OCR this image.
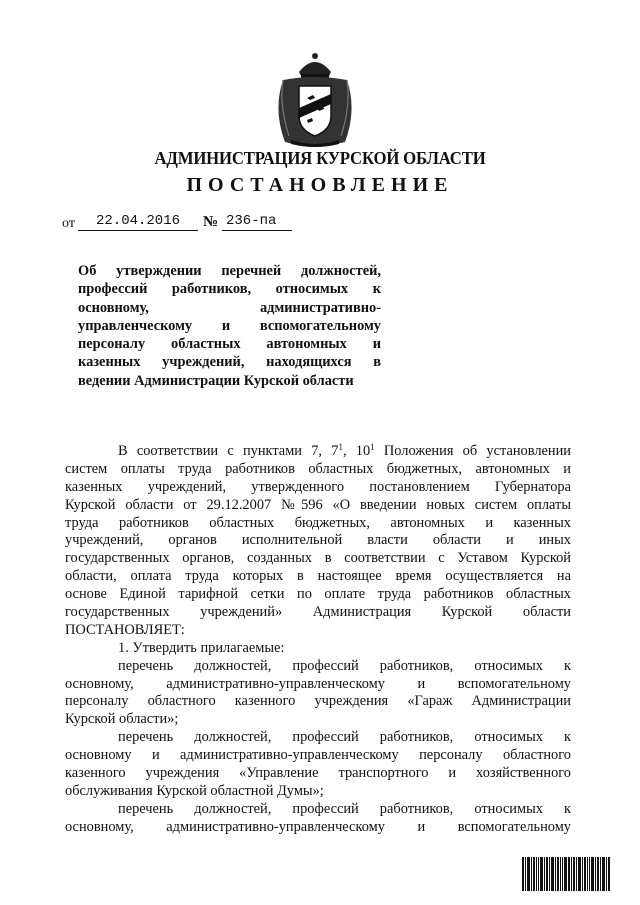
АДМИНИСТРАЦИЯ КУРСКОЙ ОБЛАСТИ
ПОСТАНОВЛЕНИЕ
от	22.04.2016	№ 236-па
Об утверждении перечней должностей,
профессий работников, относимых к
основному, административно-
управленческому и вспомогательному
персоналу областных автономных и
казенных учреждений, находящихся в
ведении Администрации Курской области
В соответствии с пунктами 7, $7^1$, $10^1$ Положения об установлении
систем оплаты труда работников областных бюджетных, автономных и
казенных учреждений, утвержденного постановлением Губернатора
Курской области от 29.12.2007 №596 «О введении новых систем оплаты
труда работников областных бюджетных, автономных и казенных
учреждений, органов исполнительной власти области и иных
государственных органов, созданных в соответствии с Уставом Курской
области, оплата труда которых в настоящее время осуществляется на
основе Единой тарифной сетки по оплате труда работников областных
государственных учреждений» Администрация Курской области
ПОСТАНОВЛЯЕТ:
1. Утвердить прилагаемые:
перечень должностей, профессий работников, относимых к
основному, административно-управленческому и вспомогательному
персоналу областного казенного учреждения «Гараж Администрации
Курской области»;
перечень должностей, профессий работников, относимых к
основному и административно-управленческому персоналу областного
казенного учреждения «Управление транспортного и хозяйственного
обслуживания Курской областной Думы»;
перечень должностей, профессий работников, относимых к
основному, административно-управленческому и вспомогательному
